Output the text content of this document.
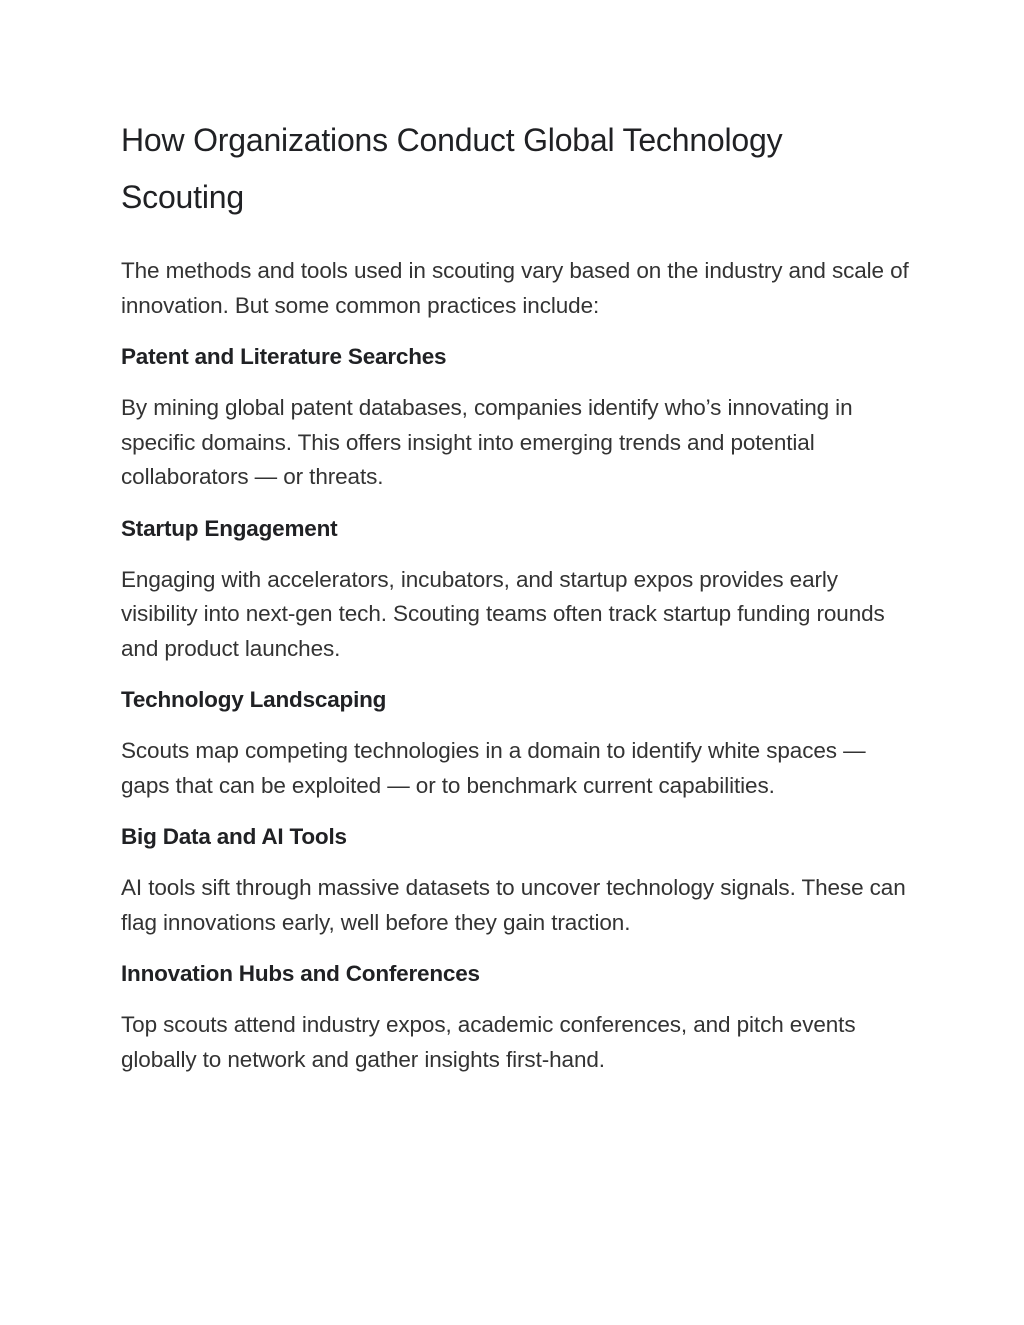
How Organizations Conduct Global Technology Scouting

The methods and tools used in scouting vary based on the industry and scale of innovation. But some common practices include:

Patent and Literature Searches

By mining global patent databases, companies identify who’s innovating in specific domains. This offers insight into emerging trends and potential collaborators — or threats.

Startup Engagement

Engaging with accelerators, incubators, and startup expos provides early visibility into next-gen tech. Scouting teams often track startup funding rounds and product launches.

Technology Landscaping

Scouts map competing technologies in a domain to identify white spaces — gaps that can be exploited — or to benchmark current capabilities.

Big Data and AI Tools

AI tools sift through massive datasets to uncover technology signals. These can flag innovations early, well before they gain traction.

Innovation Hubs and Conferences

Top scouts attend industry expos, academic conferences, and pitch events globally to network and gather insights first-hand.
